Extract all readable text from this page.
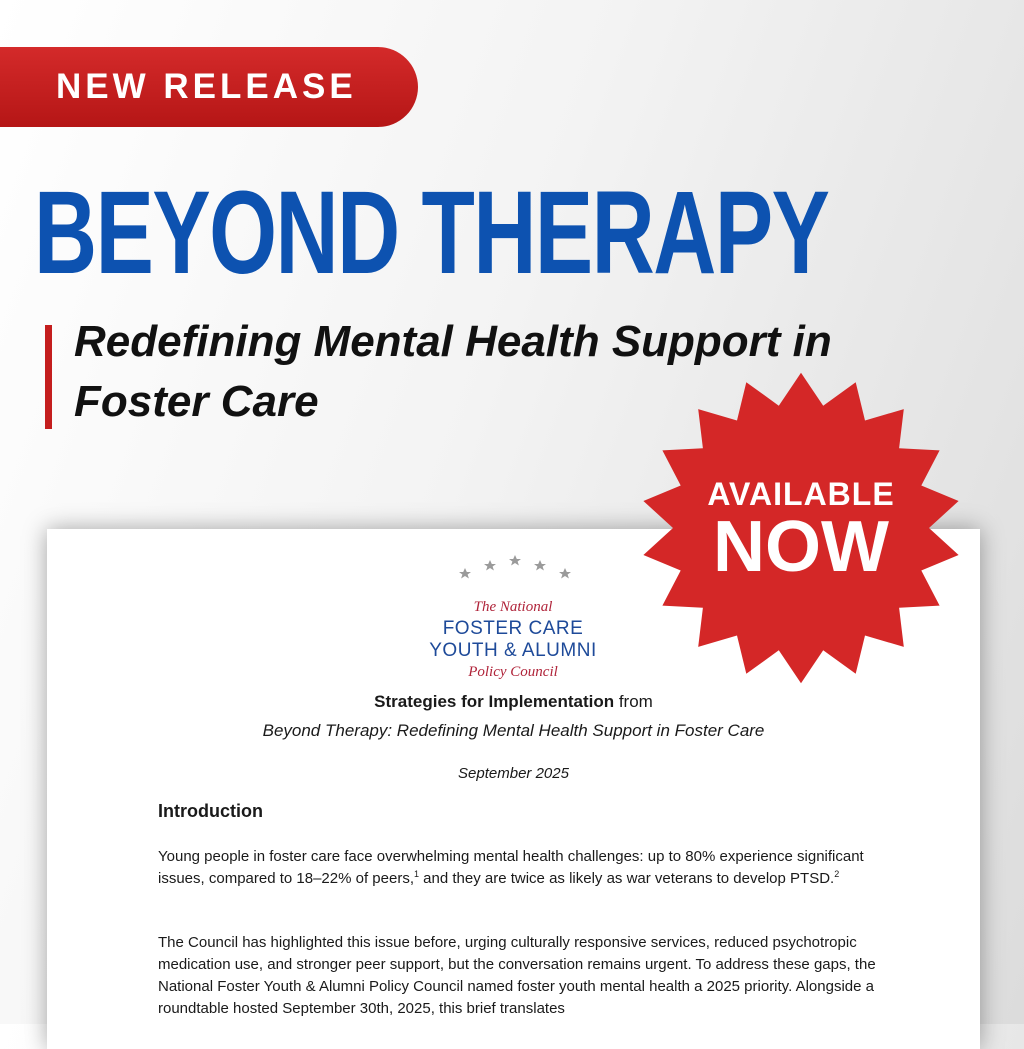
NEW RELEASE
BEYOND THERAPY

Redefining Mental Health Support in Foster Care

The National
FOSTER CARE
YOUTH & ALUMNI
Policy Council
Strategies for Implementation from
Beyond Therapy: Redefining Mental Health Support in Foster Care
September 2025
Introduction

Young people in foster care face overwhelming mental health challenges: up to 80% experience significant issues, compared to 18–22% of peers,$^1$ and they are twice as likely as war veterans to develop PTSD.$^2$

The Council has highlighted this issue before, urging culturally responsive services, reduced psychotropic medication use, and stronger peer support, but the conversation remains urgent. To address these gaps, the National Foster Youth & Alumni Policy Council named foster youth mental health a 2025 priority. Alongside a roundtable hosted September 30th, 2025, this brief translates

AVAILABLE
NOW
